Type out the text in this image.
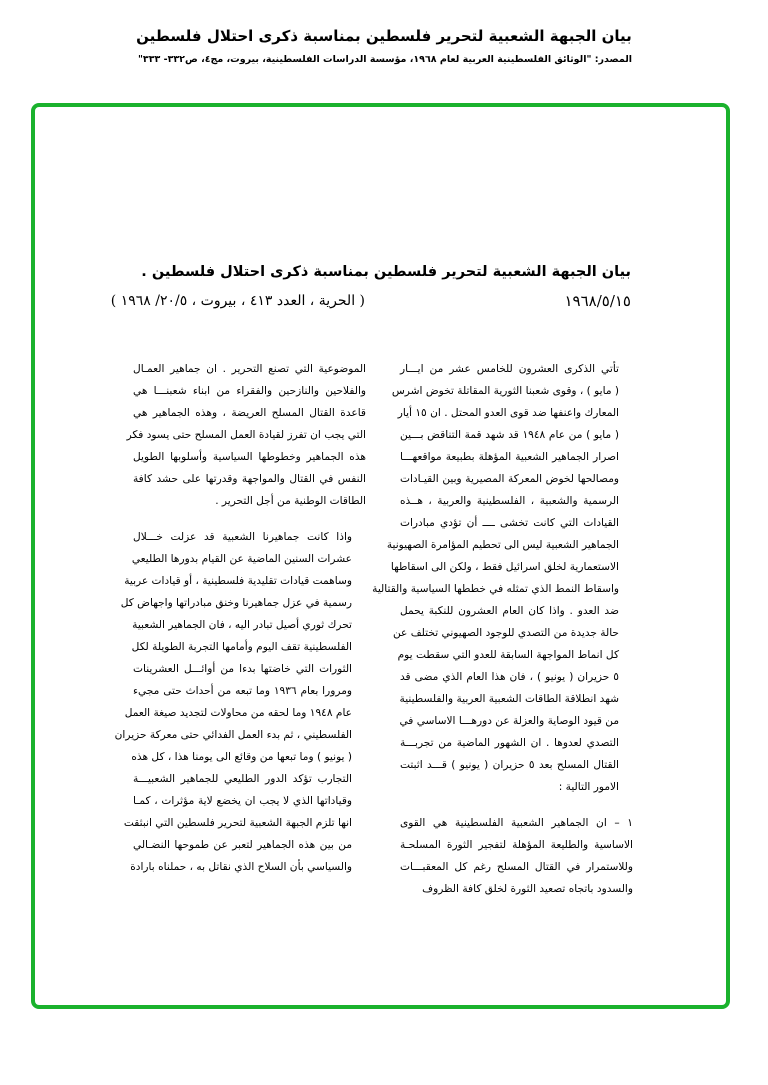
بيان الجبهة الشعبية لتحرير فلسطين بمناسبة ذكرى احتلال فلسطين
المصدر: "الوثائق الفلسطينية العربية لعام ١٩٦٨، مؤسسة الدراسات الفلسطينية، بيروت، مج٤، ص٣٣٢- ٣٣٣"
بيان الجبهة الشعبية لتحرير فلسطين بمناسبة ذكرى احتلال فلسطين .
١٩٦٨/٥/١٥
( الحرية ، العدد ٤١٣ ، بيروت ، ٢٠/٥/ ١٩٦٨ )

تأتي الذكرى العشرون للخامس عشر من ايـــار
( مايو ) ، وقوى شعبنا الثورية المقاتلة تخوض اشرس
المعارك واعنفها ضد قوى العدو المحتل . ان ١٥ أيار
( مايو ) من عام ١٩٤٨ قد شهد قمة التناقض بـــين
اصرار الجماهير الشعبية المؤهلة بطبيعة مواقعهـــا
ومصالحها لخوض المعركة المصيرية وبين القيـادات
الرسمية والشعبية ، الفلسطينية والعربية ، هــذه
القيادات التي كانت تخشى ــــ أن تؤدي مبادرات
الجماهير الشعبية ليس الى تحطيم المؤامرة الصهيونية
الاستعمارية لخلق اسرائيل فقط ، ولكن الى اسقاطها
واسقاط النمط الذي تمثله في خططها السياسية والقتالية
ضد العدو . واذا كان العام العشرون للنكبة يحمل
حالة جديدة من التصدي للوجود الصهيوني تختلف عن
كل انماط المواجهة السابقة للعدو التي سقطت يوم
٥ حزيران ( يونيو ) ، فان هذا العام الذي مضى قد
شهد انطلاقة الطاقات الشعبية العربية والفلسطينية
من قيود الوصاية والعزلة عن دورهـــا الاساسي في
التصدي لعدوها . ان الشهور الماضية من تجربـــة
القتال المسلح بعد ٥ حزيران ( يونيو ) قـــد اثبتت
الامور التالية :

١ – ان الجماهير الشعبية الفلسطينية هي القوى
الاساسية والطليعة المؤهلة لتفجير الثورة المسلحـة
وللاستمرار في القتال المسلح رغم كل المعقبـــات
والسدود باتجاه تصعيد الثورة لخلق كافة الظروف

الموضوعية التي تصنع التحرير . ان جماهير العمـال
والفلاحين والنازحين والفقراء من ابناء شعبنـــا هي
قاعدة القتال المسلح العريضة ، وهذه الجماهير هي
التي يجب ان تفرز لقيادة العمل المسلح حتى يسود فكر
هذه الجماهير وخطوطها السياسية وأسلوبها الطويل
النفس في القتال والمواجهة وقدرتها على حشد كافة
الطاقات الوطنية من أجل التحرير .

واذا كانت جماهيرنا الشعبية قد عزلت خـــلال
عشرات السنين الماضية عن القيام بدورها الطليعي
وساهمت قيادات تقليدية فلسطينية ، أو قيادات عربية
رسمية في عزل جماهيرنا وخنق مبادراتها واجهاض كل
تحرك ثوري أصيل تبادر اليه ، فان الجماهير الشعبية
الفلسطينية تقف اليوم وأمامها التجربة الطويلة لكل
الثورات التي خاضتها بدءا من أوائـــل العشرينات
ومرورا بعام ١٩٣٦ وما تبعه من أحداث حتى مجيء
عام ١٩٤٨ وما لحقه من محاولات لتجديد صيغة العمل
الفلسطيني ، ثم بدء العمل الفدائي حتى معركة حزيران
( يونيو ) وما تبعها من وقائع الى يومنا هذا ، كل هذه
التجارب تؤكد الدور الطليعي للجماهير الشعبيـــة
وقياداتها الذي لا يجب ان يخضع لاية مؤثرات ، كمـا
انها تلزم الجبهة الشعبية لتحرير فلسطين التي انبثقت
من بين هذه الجماهير لتعبر عن طموحها النضـالي
والسياسي بأن السلاح الذي نقاتل به ، حملناه بارادة
